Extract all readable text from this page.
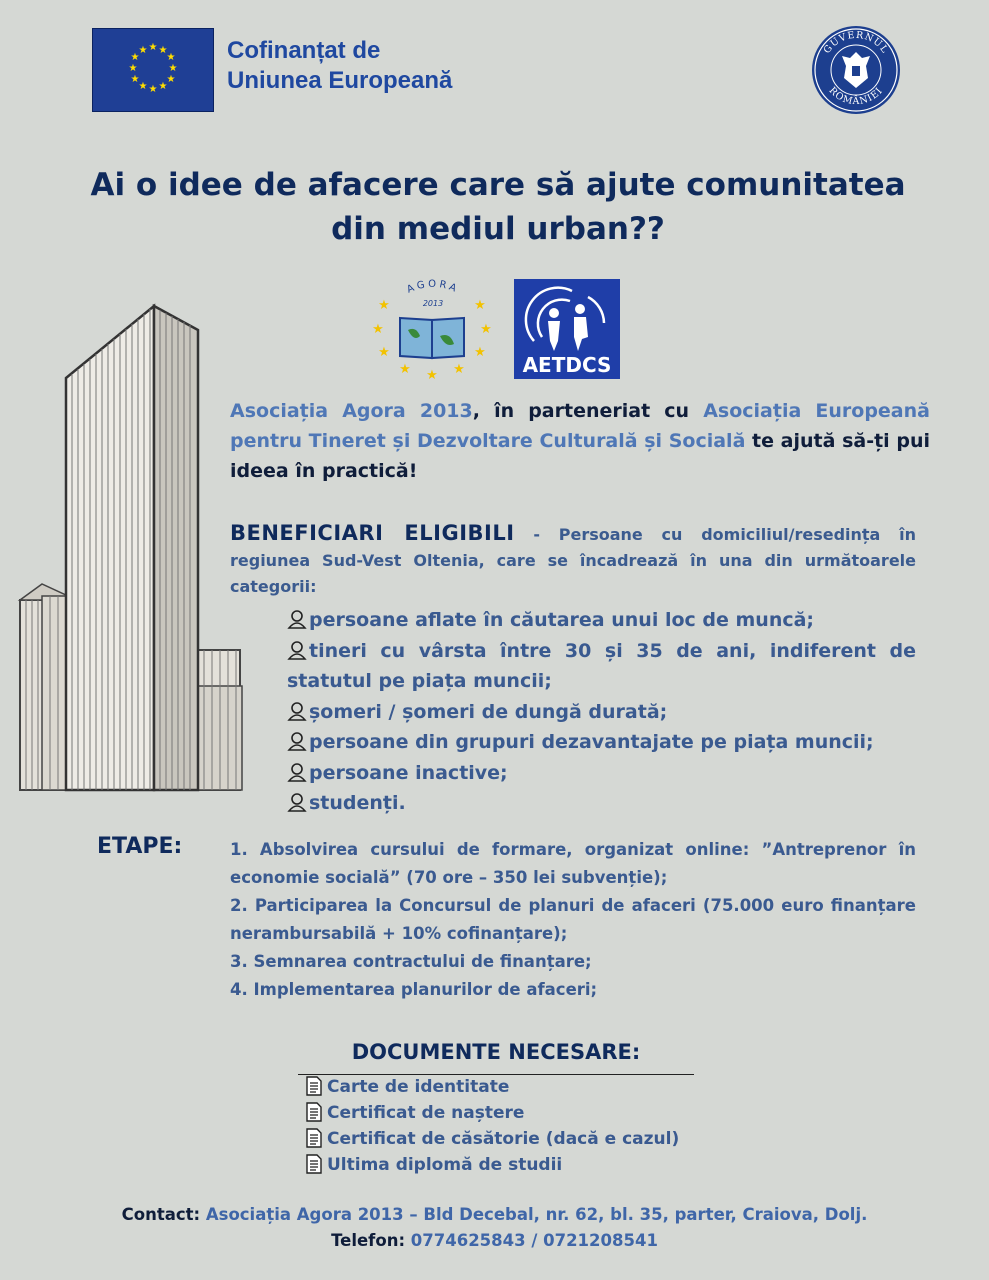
★ ★
★
★
★
★
★
★
★
★
★
★	Cofinanțat de
Uniunea Europeană
GUVERNUL
ROMÂNIEI
Ai o idee de afacere care să ajute comunitatea
din mediul urban??
AGORA
2013
★	★
★	★
★	★
★	★
★	AETDCS
Asociația Agora 2013, în parteneriat cu Asociația Europeană pentru Tineret și Dezvoltare Culturală și Socială te ajută să-ți pui ideea în practică!
BENEFICIARI ELIGIBILI - Persoane cu domiciliul/resedința în regiunea Sud-Vest Oltenia, care se încadrează în una din următoarele categorii:
persoane aflate în căutarea unui loc de muncă;
tineri cu vârsta între 30 și 35 de ani, indiferent de statutul pe piața muncii;
șomeri / șomeri de dungă durată;
persoane din grupuri dezavantajate pe piața muncii;
persoane inactive;
studenți.
ETAPE:	1. Absolvirea cursului de formare, organizat online: ”Antreprenor în economie socială” (70 ore – 350 lei subvenție);
2. Participarea la Concursul de planuri de afaceri (75.000 euro finanțare nerambursabilă + 10% cofinanțare);
3. Semnarea contractului de finanțare;
4. Implementarea planurilor de afaceri;
DOCUMENTE NECESARE:
Carte de identitate
Certificat de naștere
Certificat de căsătorie (dacă e cazul)
Ultima diplomă de studii
Contact: Asociația Agora 2013 – Bld Decebal, nr. 62, bl. 35, parter, Craiova, Dolj.
Telefon: 0774625843 / 0721208541
